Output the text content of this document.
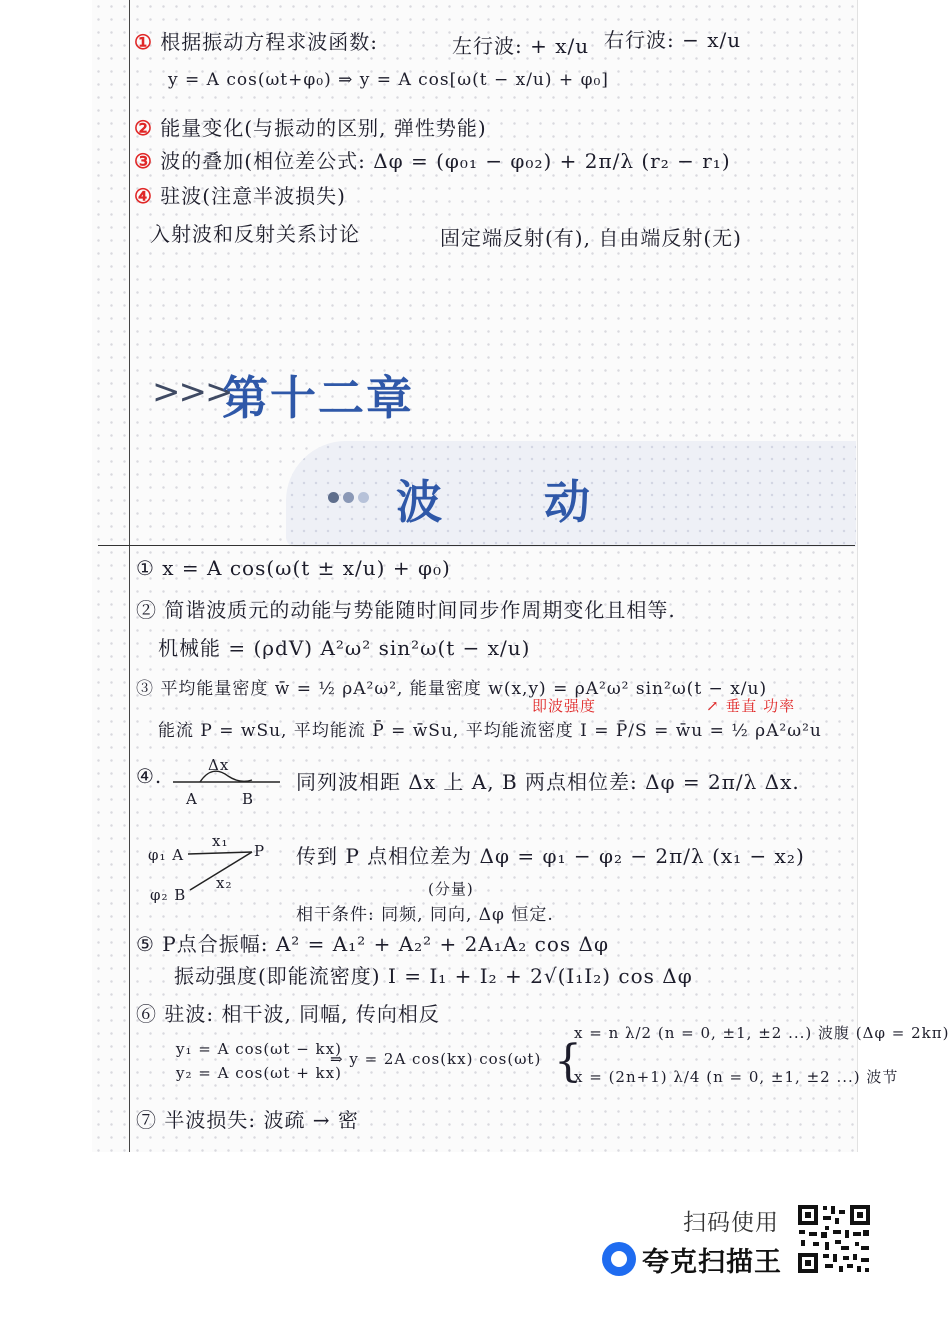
① 根据振动方程求波函数:	左行波: + x/u 右行波: − x/u
y = A cos(ωt+φ₀) ⇒ y = A cos[ω(t − x/u) + φ₀]
② 能量变化(与振动的区别, 弹性势能)
③ 波的叠加(相位差公式: Δφ = (φ₀₁ − φ₀₂) + 2π/λ (r₂ − r₁)
④ 驻波(注意半波损失)
入射波和反射关系讨论	固定端反射(有), 自由端反射(无)
>>>
第十二章
波 动
① x = A cos(ω(t ± x/u) + φ₀)
② 简谐波质元的动能与势能随时间同步作周期变化且相等.
机械能 = (ρdV) A²ω² sin²ω(t − x/u)
③ 平均能量密度 w̄ = ½ ρA²ω², 能量密度 w(x,y) = ρA²ω² sin²ω(t − x/u)
即波强度	↗ 垂直 功率
能流 P = wSu, 平均能流 P̄ = w̄Su, 平均能流密度 I = P̄/S = w̄u = ½ ρA²ω²u
④.	Δx
A	B
同列波相距 Δx 上 A, B 两点相位差: Δφ = 2π/λ Δx.
φ₁ A
x₁
P
φ₂ B
x₂
传到 P 点相位差为 Δφ = φ₁ − φ₂ − 2π/λ (x₁ − x₂)
(分量)
相干条件: 同频, 同向, Δφ 恒定.
⑤ P点合振幅: A² = A₁² + A₂² + 2A₁A₂ cos Δφ
振动强度(即能流密度) I = I₁ + I₂ + 2√(I₁I₂) cos Δφ
⑥ 驻波: 相干波, 同幅, 传向相反
y₁ = A cos(ωt − kx)
y₂ = A cos(ωt + kx)
⇒ y = 2A cos(kx) cos(ωt) {
x = n λ/2 (n = 0, ±1, ±2 ...) 波腹 (Δφ = 2kπ)
x = (2n+1) λ/4 (n = 0, ±1, ±2 ...) 波节
⑦ 半波损失: 波疏 → 密
扫码使用
夸克扫描王
